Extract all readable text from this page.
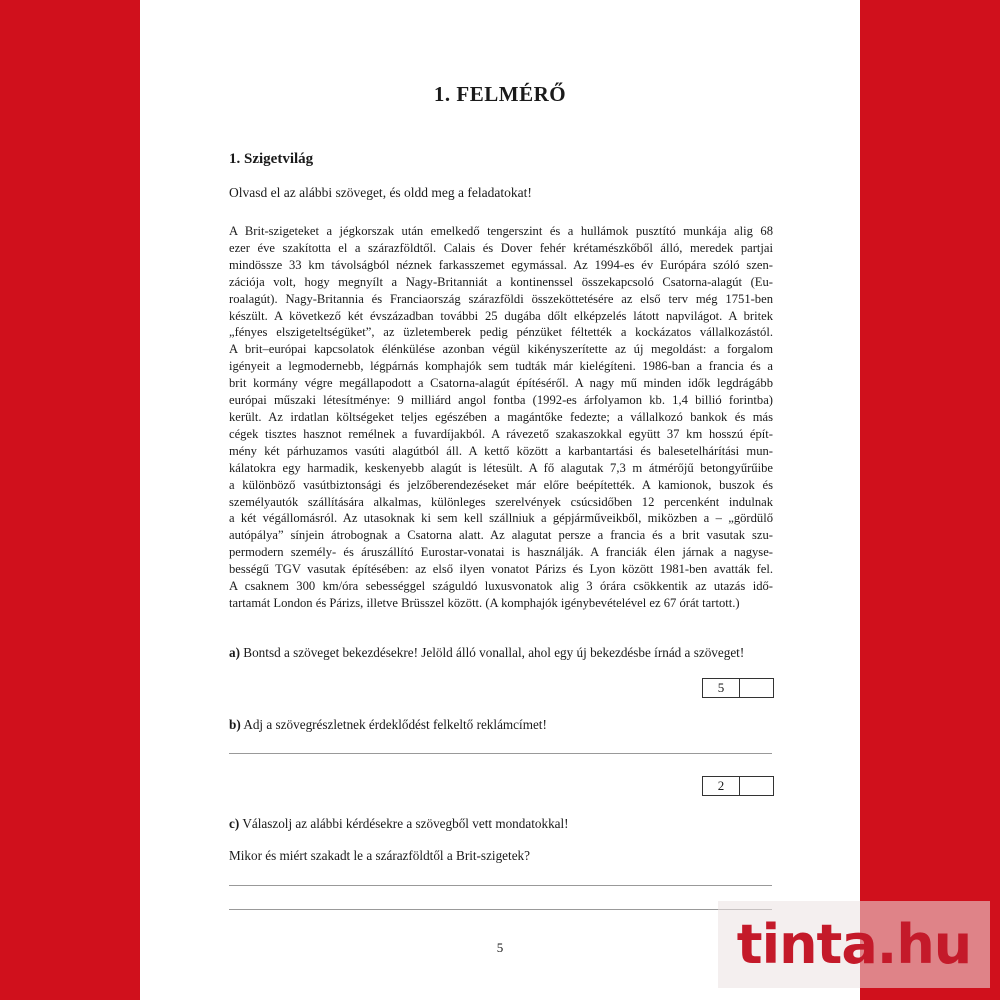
1. FELMÉRŐ
1. Szigetvilág
Olvasd el az alábbi szöveget, és oldd meg a feladatokat!
A Brit-szigeteket a jégkorszak után emelkedő tengerszint és a hullámok pusztító munkája alig 68
ezer éve szakította el a szárazföldtől. Calais és Dover fehér krétamészkőből álló, meredek partjai
mindössze 33 km távolságból néznek farkasszemet egymással. Az 1994-es év Európára szóló szen-
zációja volt, hogy megnyílt a Nagy-Britanniát a kontinenssel összekapcsoló Csatorna-alagút (Eu-
roalagút). Nagy-Britannia és Franciaország szárazföldi összeköttetésére az első terv még 1751-ben
készült. A következő két évszázadban további 25 dugába dőlt elképzelés látott napvilágot. A britek
„fényes elszigeteltségüket”, az üzletemberek pedig pénzüket féltették a kockázatos vállalkozástól.
A brit–európai kapcsolatok élénkülése azonban végül kikényszerítette az új megoldást: a forgalom
igényeit a legmodernebb, légpárnás komphajók sem tudták már kielégíteni. 1986-ban a francia és a
brit kormány végre megállapodott a Csatorna-alagút építéséről. A nagy mű minden idők legdrágább
európai műszaki létesítménye: 9 milliárd angol fontba (1992-es árfolyamon kb. 1,4 billió forintba)
került. Az irdatlan költségeket teljes egészében a magántőke fedezte; a vállalkozó bankok és más
cégek tisztes hasznot remélnek a fuvardíjakból. A rávezető szakaszokkal együtt 37 km hosszú épít-
mény két párhuzamos vasúti alagútból áll. A kettő között a karbantartási és balesetelhárítási mun-
kálatokra egy harmadik, keskenyebb alagút is létesült. A fő alagutak 7,3 m átmérőjű betongyűrűibe
a különböző vasútbiztonsági és jelzőberendezéseket már előre beépítették. A kamionok, buszok és
személyautók szállítására alkalmas, különleges szerelvények csúcsidőben 12 percenként indulnak
a két végállomásról. Az utasoknak ki sem kell szállniuk a gépjárműveikből, miközben a – „gördülő
autópálya” sínjein átrobognak a Csatorna alatt. Az alagutat persze a francia és a brit vasutak szu-
permodern személy- és áruszállító Eurostar-vonatai is használják. A franciák élen járnak a nagyse-
bességű TGV vasutak építésében: az első ilyen vonatot Párizs és Lyon között 1981-ben avatták fel.
A csaknem 300 km/óra sebességgel száguldó luxusvonatok alig 3 órára csökkentik az utazás idő-
tartamát London és Párizs, illetve Brüsszel között. (A komphajók igénybevételével ez 67 órát tartott.)
a) Bontsd a szöveget bekezdésekre! Jelöld álló vonallal, ahol egy új bekezdésbe írnád a szöveget!
5
b) Adj a szövegrészletnek érdeklődést felkeltő reklámcímet!
2
c) Válaszolj az alábbi kérdésekre a szövegből vett mondatokkal!
Mikor és miért szakadt le a szárazföldtől a Brit-szigetek?
5	tinta.hu
